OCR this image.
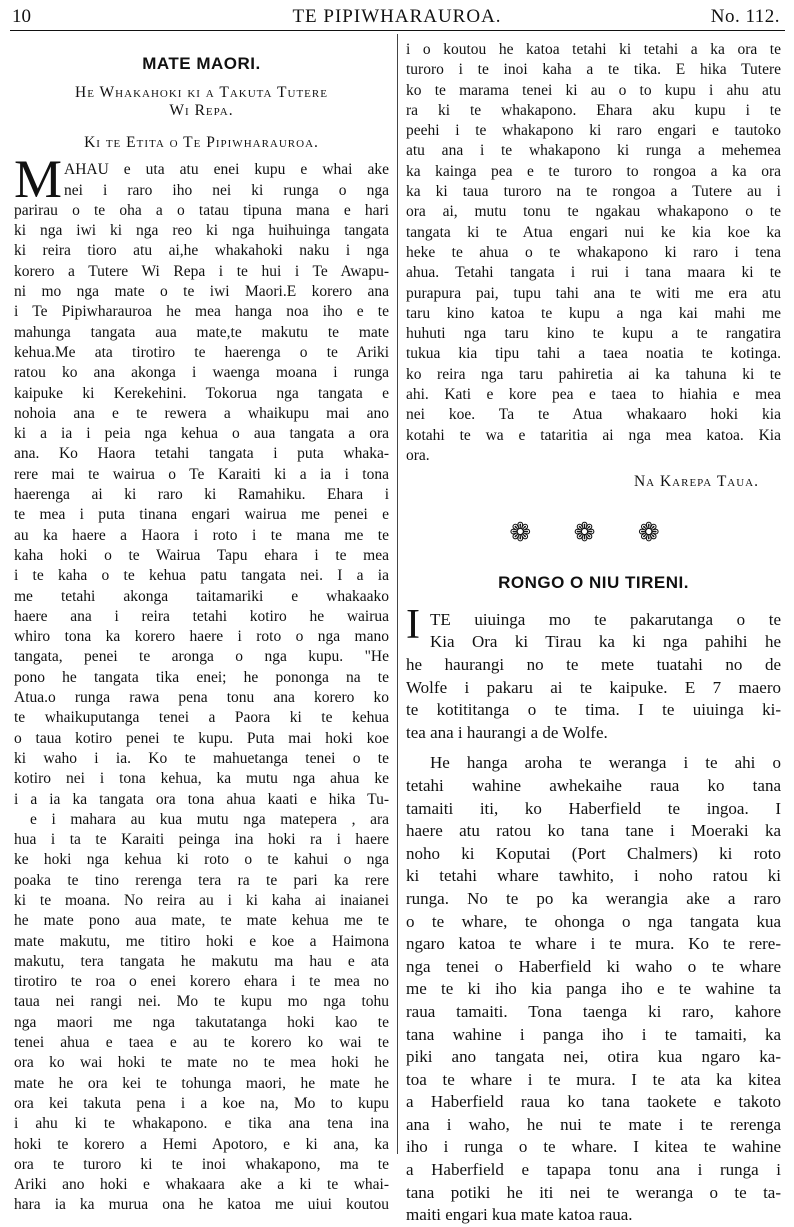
10	TE PIPIWHARAUROA.	No. 112.

MATE MAORI.

He Whakahoki ki a Takuta Tutere

Wi Repa.

Ki te Etita o Te Pipiwharauroa.

M AHAU e uta atu enei kupu e whai ake
nei i raro iho nei ki runga o nga
parirau o te oha a o tatau tipuna mana e hari
ki nga iwi ki nga reo ki nga huihuinga tangata
ki reira tioro atu ai,he whakahoki naku i nga
korero a Tutere Wi Repa i te hui i Te Awapu-
ni mo nga mate o te iwi Maori.E korero ana
i Te Pipiwharauroa he mea hanga noa iho e te
mahunga tangata aua mate,te makutu te mate
kehua.Me ata tirotiro te haerenga o te Ariki
ratou ko ana akonga i waenga moana i runga
kaipuke ki Kerekehini. Tokorua nga tangata e
nohoia ana e te rewera a whaikupu mai ano
ki a ia i peia nga kehua o aua tangata a ora
ana. Ko Haora tetahi tangata i puta whaka-
rere mai te wairua o Te Karaiti ki a ia i tona
haerenga ai ki raro ki Ramahiku. Ehara i
te mea i puta tinana engari wairua me penei e
au ka haere a Haora i roto i te mana me te
kaha hoki o te Wairua Tapu ehara i te mea
i te kaha o te kehua patu tangata nei. I a ia
me tetahi akonga taitamariki e whakaako
haere ana i reira tetahi kotiro he wairua
whiro tona ka korero haere i roto o nga mano
tangata, penei te aronga o nga kupu. "He
pono he tangata tika enei; he pononga na te
Atua.o runga rawa pena tonu ana korero ko
te whaikuputanga tenei a Paora ki te kehua
o taua kotiro penei te kupu. Puta mai hoki koe
ki waho i ia. Ko te mahuetanga tenei o te
kotiro nei i tona kehua, ka mutu nga ahua ke
i a ia ka tangata ora tona ahua kaati e hika Tu-
e i mahara au kua mutu nga matepera , ara
hua i ta te Karaiti peinga ina hoki ra i haere
ke hoki nga kehua ki roto o te kahui o nga
poaka te tino rerenga tera ra te pari ka rere
ki te moana. No reira au i ki kaha ai inaianei
he mate pono aua mate, te mate kehua me te
mate makutu, me titiro hoki e koe a Haimona
makutu, tera tangata he makutu ma hau e ata
tirotiro te roa o enei korero ehara i te mea no
taua nei rangi nei. Mo te kupu mo nga tohu
nga maori me nga takutatanga hoki kao te
tenei ahua e taea e au te korero ko wai te
ora ko wai hoki te mate no te mea hoki he
mate he ora kei te tohunga maori, he mate he
ora kei takuta pena i a koe na, Mo to kupu
i ahu ki te whakapono. e tika ana tena ina
hoki te korero a Hemi Apotoro, e ki ana, ka
ora te turoro ki te inoi whakapono, ma te
Ariki ano hoki e whakaara ake a ki te whai-
hara ia ka murua ona he katoa me uiui koutou
i o koutou he katoa tetahi ki tetahi a ka ora te
turoro i te inoi kaha a te tika. E hika Tutere
ko te marama tenei ki au o to kupu i ahu atu
ra ki te whakapono. Ehara aku kupu i te
peehi i te whakapono ki raro engari e tautoko
atu ana i te whakapono ki runga a mehemea
ka kainga pea e te turoro to rongoa a ka ora
ka ki taua turoro na te rongoa a Tutere au i
ora ai, mutu tonu te ngakau whakapono o te
tangata ki te Atua engari nui ke kia koe ka
heke te ahua o te whakapono ki raro i tena
ahua. Tetahi tangata i rui i tana maara ki te
purapura pai, tupu tahi ana te witi me era atu
taru kino katoa te kupu a nga kai mahi me
huhuti nga taru kino te kupu a te rangatira
tukua kia tipu tahi a taea noatia te kotinga.
ko reira nga taru pahiretia ai ka tahuna ki te
ahi. Kati e kore pea e taea to hiahia e mea
nei koe. Ta te Atua whakaaro hoki kia
kotahi te wa e tataritia ai nga mea katoa. Kia
ora.
Na Karepa Taua.
❁ ❁ ❁

RONGO O NIU TIRENI.

I TE uiuinga mo te pakarutanga o te
Kia Ora ki Tirau ka ki nga pahihi he
he haurangi no te mete tuatahi no de
Wolfe i pakaru ai te kaipuke. E 7 maero
te kotititanga o te tima. I te uiuinga ki-
tea ana i haurangi a de Wolfe.
He hanga aroha te weranga i te ahi o
tetahi wahine awhekaihe raua ko tana
tamaiti iti, ko Haberfield te ingoa. I
haere atu ratou ko tana tane i Moeraki ka
noho ki Koputai (Port Chalmers) ki roto
ki tetahi whare tawhito, i noho ratou ki
runga. No te po ka werangia ake a raro
o te whare, te ohonga o nga tangata kua
ngaro katoa te whare i te mura. Ko te rere-
nga tenei o Haberfield ki waho o te whare
me te ki iho kia panga iho e te wahine ta
raua tamaiti. Tona taenga ki raro, kahore
tana wahine i panga iho i te tamaiti, ka
piki ano tangata nei, otira kua ngaro ka-
toa te whare i te mura. I te ata ka kitea
a Haberfield raua ko tana taokete e takoto
ana i waho, he nui te mate i te rerenga
iho i runga o te whare. I kitea te wahine
a Haberfield e tapapa tonu ana i runga i
tana potiki he iti nei te weranga o te ta-
maiti engari kua mate katoa raua.
